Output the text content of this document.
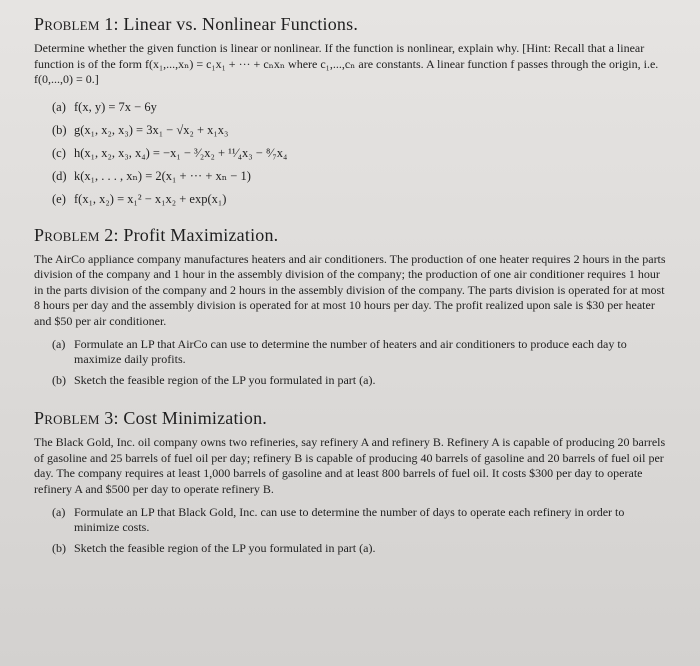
Problem 1: Linear vs. Nonlinear Functions.

Determine whether the given function is linear or nonlinear. If the function is nonlinear, explain why. [Hint: Recall that a linear function is of the form f(x₁,...,xₙ) = c₁x₁ + ··· + cₙxₙ where c₁,...,cₙ are constants. A linear function f passes through the origin, i.e. f(0,...,0) = 0.]

(a) f(x, y) = 7x − 6y
(b) g(x₁, x₂, x₃) = 3x₁ − √x₂ + x₁x₃
(c) h(x₁, x₂, x₃, x₄) = −x₁ − ³⁄₂x₂ + ¹¹⁄₄x₃ − ⁸⁄₇x₄
(d) k(x₁, . . . , xₙ) = 2(x₁ + ··· + xₙ − 1)
(e) f(x₁, x₂) = x₁² − x₁x₂ + exp(x₁)
Problem 2: Profit Maximization.

The AirCo appliance company manufactures heaters and air conditioners. The production of one heater requires 2 hours in the parts division of the company and 1 hour in the assembly division of the company; the production of one air conditioner requires 1 hour in the parts division of the company and 2 hours in the assembly division of the company. The parts division is operated for at most 8 hours per day and the assembly division is operated for at most 10 hours per day. The profit realized upon sale is $30 per heater and $50 per air conditioner.

(a) Formulate an LP that AirCo can use to determine the number of heaters and air conditioners to produce each day to maximize daily profits.
(b) Sketch the feasible region of the LP you formulated in part (a).
Problem 3: Cost Minimization.

The Black Gold, Inc. oil company owns two refineries, say refinery A and refinery B. Refinery A is capable of producing 20 barrels of gasoline and 25 barrels of fuel oil per day; refinery B is capable of producing 40 barrels of gasoline and 20 barrels of fuel oil per day. The company requires at least 1,000 barrels of gasoline and at least 800 barrels of fuel oil. It costs $300 per day to operate refinery A and $500 per day to operate refinery B.

(a) Formulate an LP that Black Gold, Inc. can use to determine the number of days to operate each refinery in order to minimize costs.
(b) Sketch the feasible region of the LP you formulated in part (a).
